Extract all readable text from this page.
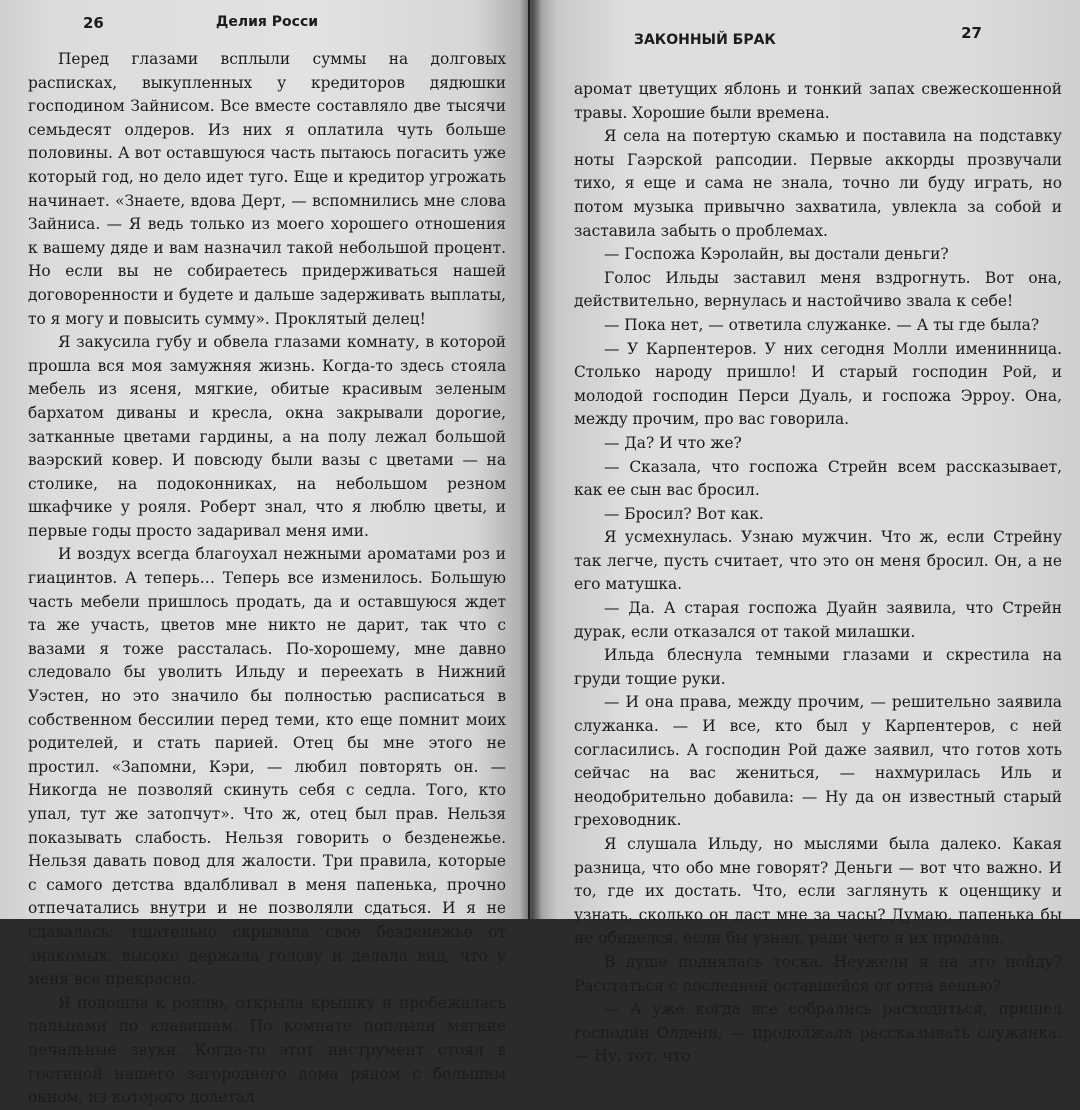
26	Делия Росси

Перед глазами всплыли суммы на долговых расписках, выкупленных у кредиторов дядюшки господином Зайнисом. Все вместе составляло две тысячи семьдесят олдеров. Из них я оплатила чуть больше половины. А вот оставшуюся часть пытаюсь погасить уже который год, но дело идет туго. Еще и кредитор угрожать начинает. «Знаете, вдова Дерт, — вспомнились мне слова Зайниса. — Я ведь только из моего хорошего отношения к вашему дяде и вам назначил такой небольшой процент. Но если вы не собираетесь придерживаться нашей договоренности и будете и дальше задерживать выплаты, то я могу и повысить сумму». Проклятый делец!

Я закусила губу и обвела глазами комнату, в которой прошла вся моя замужняя жизнь. Когда-то здесь стояла мебель из ясеня, мягкие, обитые красивым зеленым бархатом диваны и кресла, окна закрывали дорогие, затканные цветами гардины, а на полу лежал большой ваэрский ковер. И повсюду были вазы с цветами — на столике, на подоконниках, на небольшом резном шкафчике у рояля. Роберт знал, что я люблю цветы, и первые годы просто задаривал меня ими.

И воздух всегда благоухал нежными ароматами роз и гиацинтов. А теперь… Теперь все изменилось. Большую часть мебели пришлось продать, да и оставшуюся ждет та же участь, цветов мне никто не дарит, так что с вазами я тоже рассталась. По-хорошему, мне давно следовало бы уволить Ильду и переехать в Нижний Уэстен, но это значило бы полностью расписаться в собственном бессилии перед теми, кто еще помнит моих родителей, и стать парией. Отец бы мне этого не простил. «Запомни, Кэри, — любил повторять он. — Никогда не позволяй скинуть себя с седла. Того, кто упал, тут же затопчут». Что ж, отец был прав. Нельзя показывать слабость. Нельзя говорить о безденежье. Нельзя давать повод для жалости. Три правила, которые с самого детства вдалбливал в меня папенька, прочно отпечатались внутри и не позволяли сдаться. И я не сдавалась: тщательно скрывала свое безденежье от знакомых, высоко держала голову и делала вид, что у меня все прекрасно.

Я подошла к роялю, открыла крышку и пробежалась пальцами по клавишам. По комнате поплыли мягкие печальные звуки. Когда-то этот инструмент стоял в гостиной нашего загородного дома рядом с большим окном, из которого долетал

ЗАКОННЫЙ БРАК	27

аромат цветущих яблонь и тонкий запах свежескошенной травы. Хорошие были времена.

Я села на потертую скамью и поставила на подставку ноты Гаэрской рапсодии. Первые аккорды прозвучали тихо, я еще и сама не знала, точно ли буду играть, но потом музыка привычно захватила, увлекла за собой и заставила забыть о проблемах.

— Госпожа Кэролайн, вы достали деньги?

Голос Ильды заставил меня вздрогнуть. Вот она, действительно, вернулась и настойчиво звала к себе!

— Пока нет, — ответила служанке. — А ты где была?

— У Карпентеров. У них сегодня Молли именинница. Столько народу пришло! И старый господин Рой, и молодой господин Перси Дуаль, и госпожа Эрроу. Она, между прочим, про вас говорила.

— Да? И что же?

— Сказала, что госпожа Стрейн всем рассказывает, как ее сын вас бросил.

— Бросил? Вот как.

Я усмехнулась. Узнаю мужчин. Что ж, если Стрейну так легче, пусть считает, что это он меня бросил. Он, а не его матушка.

— Да. А старая госпожа Дуайн заявила, что Стрейн дурак, если отказался от такой милашки.

Ильда блеснула темными глазами и скрестила на груди тощие руки.

— И она права, между прочим, — решительно заявила служанка. — И все, кто был у Карпентеров, с ней согласились. А господин Рой даже заявил, что готов хоть сейчас на вас жениться, — нахмурилась Иль и неодобрительно добавила: — Ну да он известный старый греховодник.

Я слушала Ильду, но мыслями была далеко. Какая разница, что обо мне говорят? Деньги — вот что важно. И то, где их достать. Что, если заглянуть к оценщику и узнать, сколько он даст мне за часы? Думаю, папенька бы не обиделся, если бы узнал, ради чего я их продала.

В душе поднялась тоска. Неужели я на это пойду? Расстаться с последней оставшейся от отца вещью?

— А уже когда все собрались расходиться, пришел господин Олдени, — продолжала рассказывать служанка. — Ну, тот, что
